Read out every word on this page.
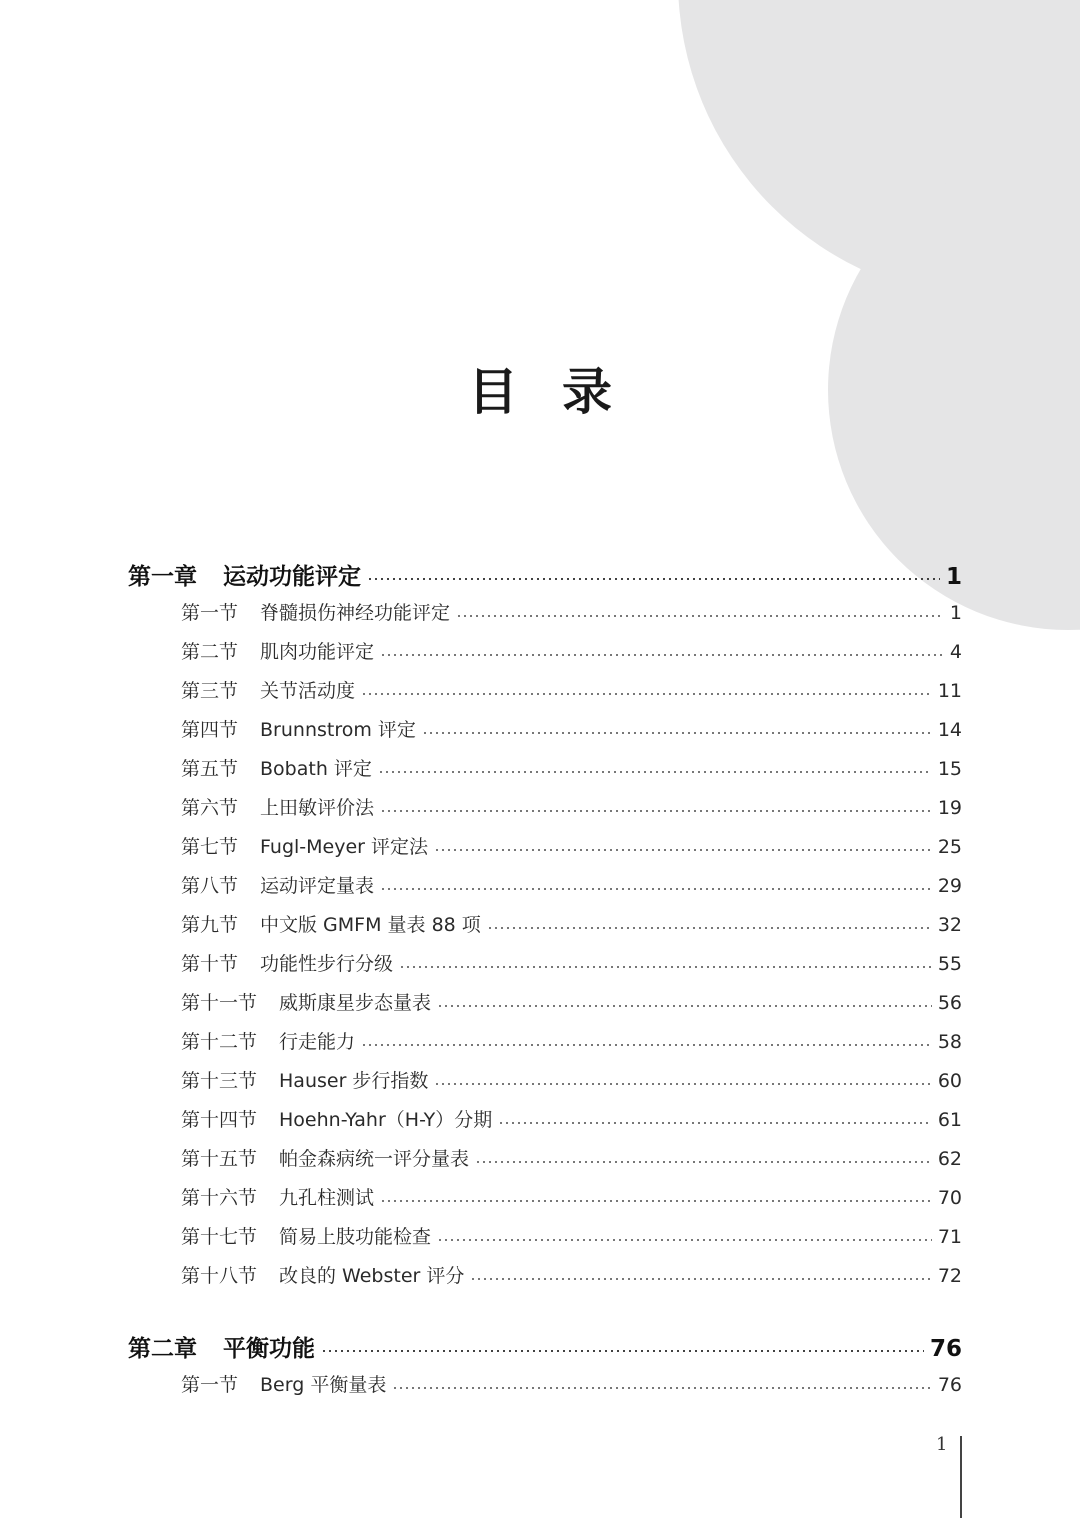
目录
第一章 运动功能评定	1
第一节 脊髓损伤神经功能评定	1
第二节 肌肉功能评定	4
第三节 关节活动度	11
第四节 Brunnstrom 评定	14
第五节 Bobath 评定	15
第六节 上田敏评价法	19
第七节 Fugl-Meyer 评定法	25
第八节 运动评定量表	29
第九节 中文版 GMFM 量表 88 项	32
第十节 功能性步行分级	55
第十一节 威斯康星步态量表	56
第十二节 行走能力	58
第十三节 Hauser 步行指数	60
第十四节 Hoehn-Yahr（H-Y）分期	61
第十五节 帕金森病统一评分量表	62
第十六节 九孔柱测试	70
第十七节 简易上肢功能检查	71
第十八节 改良的 Webster 评分	72
第二章 平衡功能	76
第一节 Berg 平衡量表	76
1
